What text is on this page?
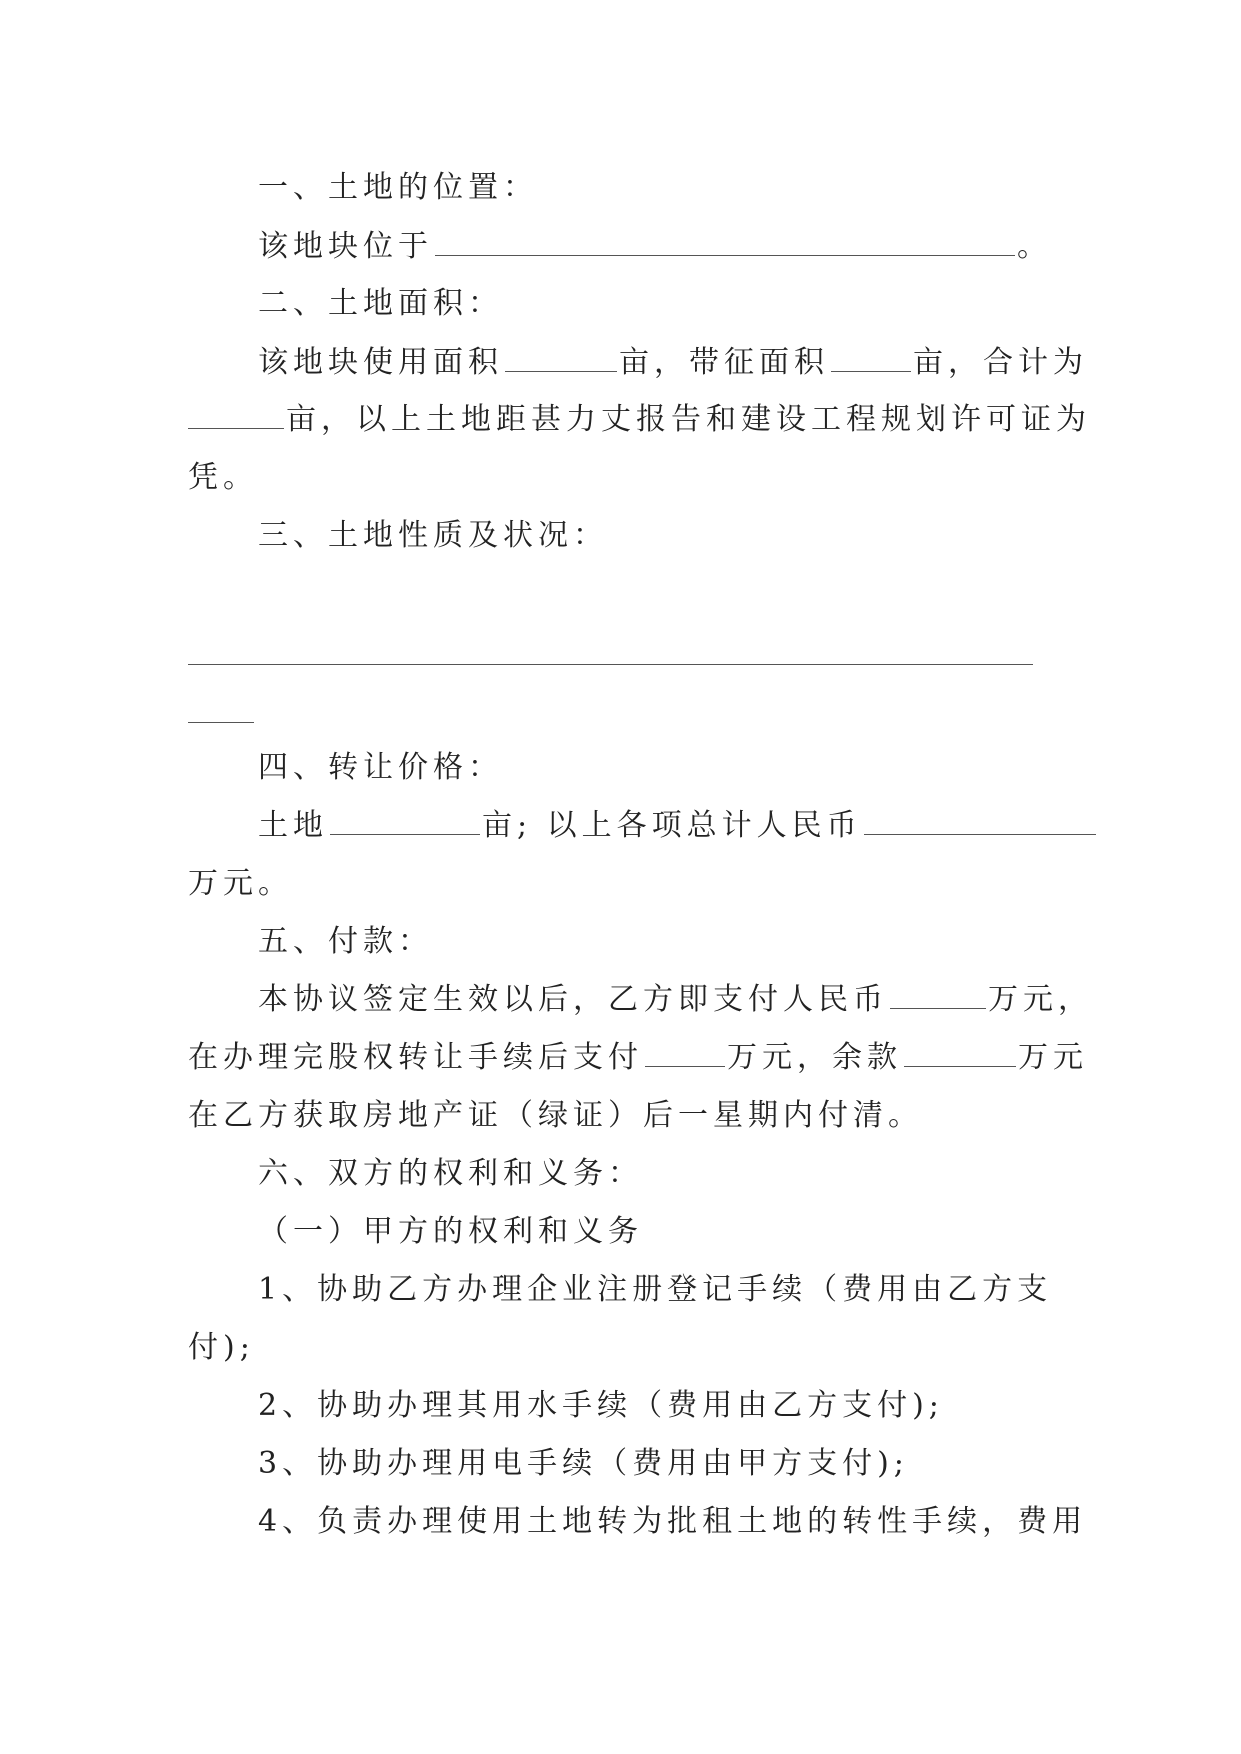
一、土地的位置：
该地块位于	。
二、土地面积：
该地块使用面积	亩，带征面积	亩，合计为
亩，以上土地距甚力丈报告和建设工程规划许可证为
凭。
三、土地性质及状况：
四、转让价格：
土地	亩; 以上各项总计人民币
万元。
五、付款：
本协议签定生效以后，乙方即支付人民币	万元，
在办理完股权转让手续后支付	万元，余款	万元
在乙方获取房地产证（绿证）后一星期内付清。
六、双方的权利和义务：
（一）甲方的权利和义务
1、协助乙方办理企业注册登记手续（费用由乙方支
付);
2、协助办理其用水手续（费用由乙方支付);
3、协助办理用电手续（费用由甲方支付);
4、负责办理使用土地转为批租土地的转性手续，费用
